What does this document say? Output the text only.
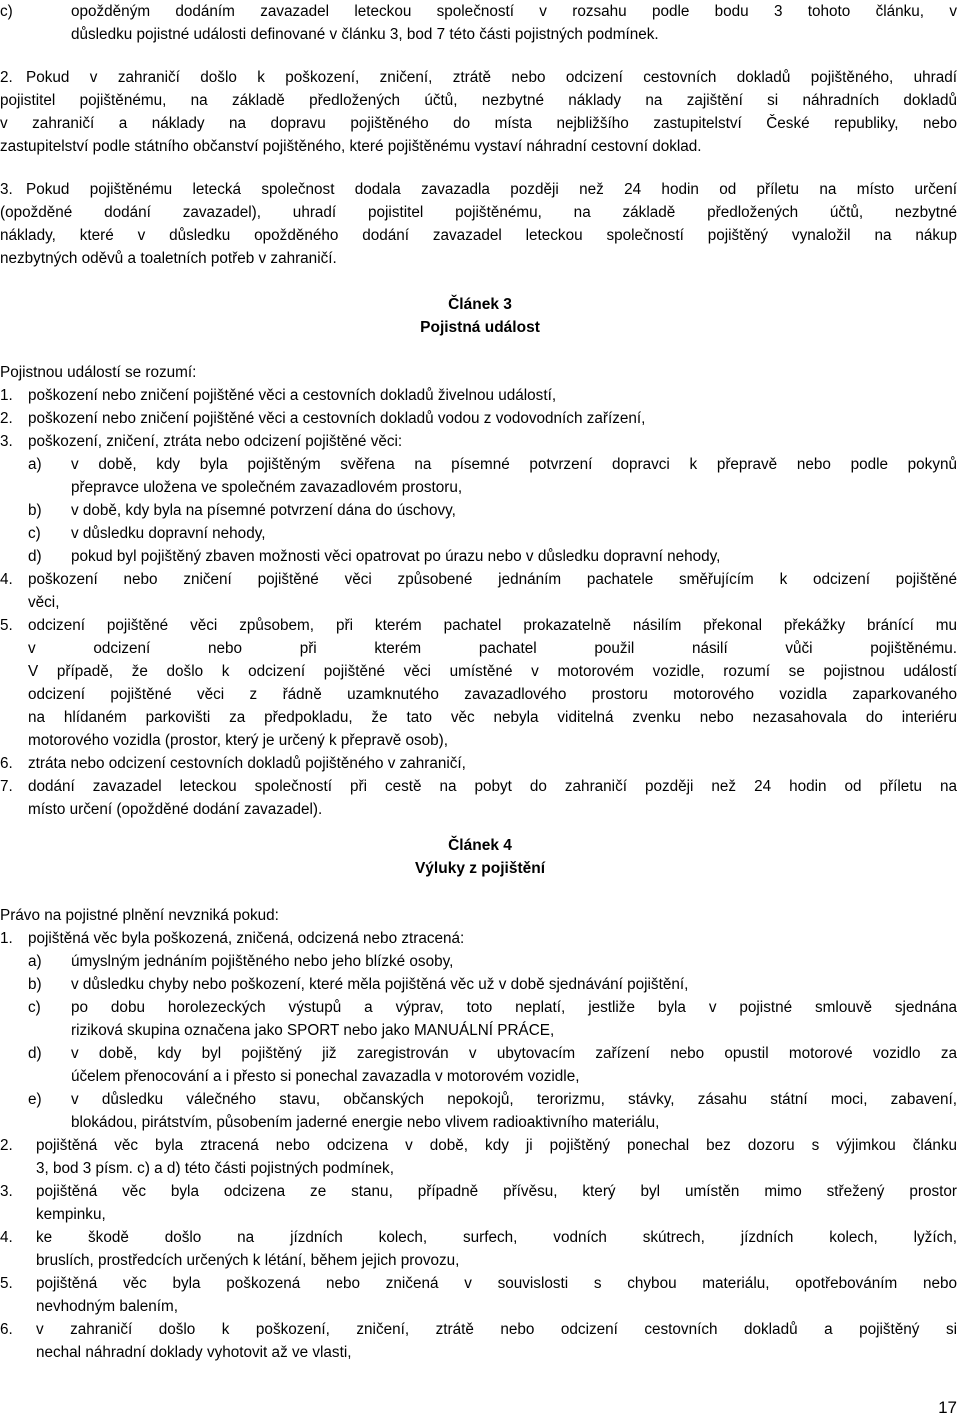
c)	opožděným dodáním zavazadel leteckou společností v rozsahu podle bodu 3 tohoto článku, v

důsledku pojistné události definované v článku 3, bod 7 této části pojistných podmínek.

2. Pokud v zahraničí došlo k poškození, zničení, ztrátě nebo odcizení cestovních dokladů pojištěného, uhradí

pojistitel pojištěnému, na základě předložených účtů, nezbytné náklady na zajištění si náhradních dokladů

v zahraničí a náklady na dopravu pojištěného do místa nejbližšího zastupitelství České republiky, nebo

zastupitelství podle státního občanství pojištěného, které pojištěnému vystaví náhradní cestovní doklad.

3. Pokud pojištěnému letecká společnost dodala zavazadla později než 24 hodin od příletu na místo určení

(opožděné dodání zavazadel), uhradí pojistitel pojištěnému, na základě předložených účtů, nezbytné

náklady, které v důsledku opožděného dodání zavazadel leteckou společností pojištěný vynaložil na nákup

nezbytných oděvů a toaletních potřeb v zahraničí.

Článek 3
Pojistná událost
Pojistnou událostí se rozumí:
1. poškození nebo zničení pojištěné věci a cestovních dokladů živelnou událostí,

2. poškození nebo zničení pojištěné věci a cestovních dokladů vodou z vodovodních zařízení,

3. poškození, zničení, ztráta nebo odcizení pojištěné věci:

a) v době, kdy byla pojištěným svěřena na písemné potvrzení dopravci k přepravě nebo podle pokynů

přepravce uložena ve společném zavazadlovém prostoru,

b) v době, kdy byla na písemné potvrzení dána do úschovy,

c) v důsledku dopravní nehody,

d) pokud byl pojištěný zbaven možnosti věci opatrovat po úrazu nebo v důsledku dopravní nehody,

4. poškození nebo zničení pojištěné věci způsobené jednáním pachatele směřujícím k odcizení pojištěné

věci,

5. odcizení pojištěné věci způsobem, při kterém pachatel prokazatelně násilím překonal překážky bránící mu

v odcizení nebo při kterém pachatel použil násilí vůči pojištěnému.

V případě, že došlo k odcizení pojištěné věci umístěné v motorovém vozidle, rozumí se pojistnou událostí

odcizení pojištěné věci z řádně uzamknutého zavazadlového prostoru motorového vozidla zaparkovaného

na hlídaném parkovišti za předpokladu, že tato věc nebyla viditelná zvenku nebo nezasahovala do interiéru

motorového vozidla (prostor, který je určený k přepravě osob),

6. ztráta nebo odcizení cestovních dokladů pojištěného v zahraničí,

7. dodání zavazadel leteckou společností při cestě na pobyt do zahraničí později než 24 hodin od příletu na

místo určení (opožděné dodání zavazadel).

Článek 4
Výluky z pojištění
Právo na pojistné plnění nevzniká pokud:
1. pojištěná věc byla poškozená, zničená, odcizená nebo ztracená:

a) úmyslným jednáním pojištěného nebo jeho blízké osoby,

b) v důsledku chyby nebo poškození, které měla pojištěná věc už v době sjednávání pojištění,

c) po dobu horolezeckých výstupů a výprav, toto neplatí, jestliže byla v pojistné smlouvě sjednána

riziková skupina označena jako SPORT nebo jako MANUÁLNÍ PRÁCE,

d) v době, kdy byl pojištěný již zaregistrován v ubytovacím zařízení nebo opustil motorové vozidlo za

účelem přenocování a i přesto si ponechal zavazadla v motorovém vozidle,

e) v důsledku válečného stavu, občanských nepokojů, terorizmu, stávky, zásahu státní moci, zabavení,

blokádou, pirátstvím, působením jaderné energie nebo vlivem radioaktivního materiálu,

2. pojištěná věc byla ztracená nebo odcizena v době, kdy ji pojištěný ponechal bez dozoru s výjimkou článku

3, bod 3 písm. c) a d) této části pojistných podmínek,

3. pojištěná věc byla odcizena ze stanu, případně přívěsu, který byl umístěn mimo střežený prostor

kempinku,

4. ke škodě došlo na jízdních kolech, surfech, vodních skútrech, jízdních kolech, lyžích,

bruslích, prostředcích určených k létání, během jejich provozu,

5. pojištěná věc byla poškozená nebo zničená v souvislosti s chybou materiálu, opotřebováním nebo

nevhodným balením,

6. v zahraničí došlo k poškození, zničení, ztrátě nebo odcizení cestovních dokladů a pojištěný si

nechal náhradní doklady vyhotovit až ve vlasti,

17
